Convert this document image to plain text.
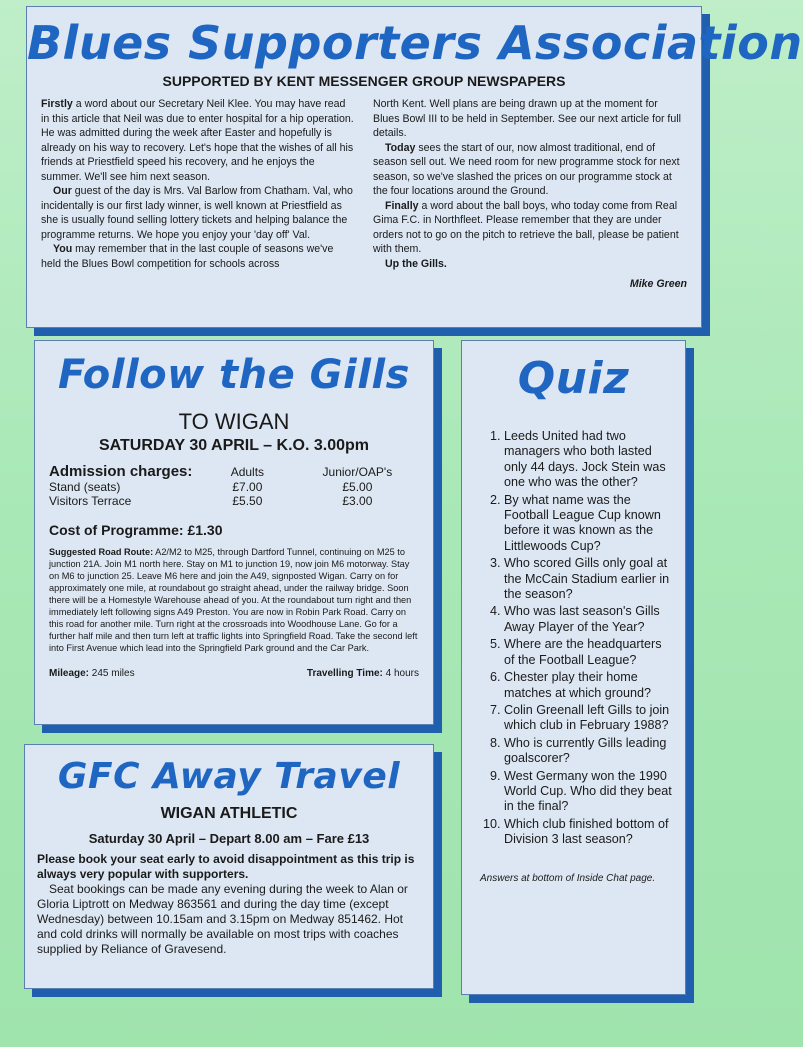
Blues Supporters Association
SUPPORTED BY KENT MESSENGER GROUP NEWSPAPERS

Firstly a word about our Secretary Neil Klee. You may have read in this article that Neil was due to enter hospital for a hip operation. He was admitted during the week after Easter and hopefully is already on his way to recovery. Let's hope that the wishes of all his friends at Priestfield speed his recovery, and he enjoys the summer. We'll see him next season.

Our guest of the day is Mrs. Val Barlow from Chatham. Val, who incidentally is our first lady winner, is well known at Priestfield as she is usually found selling lottery tickets and helping balance the programme returns. We hope you enjoy your 'day off' Val.

You may remember that in the last couple of seasons we've held the Blues Bowl competition for schools across

North Kent. Well plans are being drawn up at the moment for Blues Bowl III to be held in September. See our next article for full details.

Today sees the start of our, now almost traditional, end of season sell out. We need room for new programme stock for next season, so we've slashed the prices on our programme stock at the four locations around the Ground.

Finally a word about the ball boys, who today come from Real Gima F.C. in Northfleet. Please remember that they are under orders not to go on the pitch to retrieve the ball, please be patient with them.

Up the Gills.

Mike Green
Follow the Gills
TO WIGAN
SATURDAY 30 APRIL – K.O. 3.00pm
Admission charges:	Adults	Junior/OAP's
Stand (seats)	£7.00	£5.00
Visitors Terrace	£5.50	£3.00
Cost of Programme: £1.30
Suggested Road Route: A2/M2 to M25, through Dartford Tunnel, continuing on M25 to junction 21A. Join M1 north here. Stay on M1 to junction 19, now join M6 motorway. Stay on M6 to junction 25. Leave M6 here and join the A49, signposted Wigan. Carry on for approximately one mile, at roundabout go straight ahead, under the railway bridge. Soon there will be a Homestyle Warehouse ahead of you. At the roundabout turn right and then immediately left following signs A49 Preston. You are now in Robin Park Road. Carry on this road for another mile. Turn right at the crossroads into Woodhouse Lane. Go for a further half mile and then turn left at traffic lights into Springfield Road. Take the second left into First Avenue which lead into the Springfield Park ground and the Car Park.
Mileage: 245 miles	Travelling Time: 4 hours
Quiz
1. Leeds United had two managers who both lasted only 44 days. Jock Stein was one who was the other?
2. By what name was the Football League Cup known before it was known as the Littlewoods Cup?
3. Who scored Gills only goal at the McCain Stadium earlier in the season?
4. Who was last season's Gills Away Player of the Year?
5. Where are the headquarters of the Football League?
6. Chester play their home matches at which ground?
7. Colin Greenall left Gills to join which club in February 1988?
8. Who is currently Gills leading goalscorer?
9. West Germany won the 1990 World Cup. Who did they beat in the final?
10. Which club finished bottom of Division 3 last season?
Answers at bottom of Inside Chat page.
GFC Away Travel
WIGAN ATHLETIC
Saturday 30 April – Depart 8.00 am – Fare £13

Please book your seat early to avoid disappointment as this trip is always very popular with supporters.

Seat bookings can be made any evening during the week to Alan or Gloria Liptrott on Medway 863561 and during the day time (except Wednesday) between 10.15am and 3.15pm on Medway 851462. Hot and cold drinks will normally be available on most trips with coaches supplied by Reliance of Gravesend.
